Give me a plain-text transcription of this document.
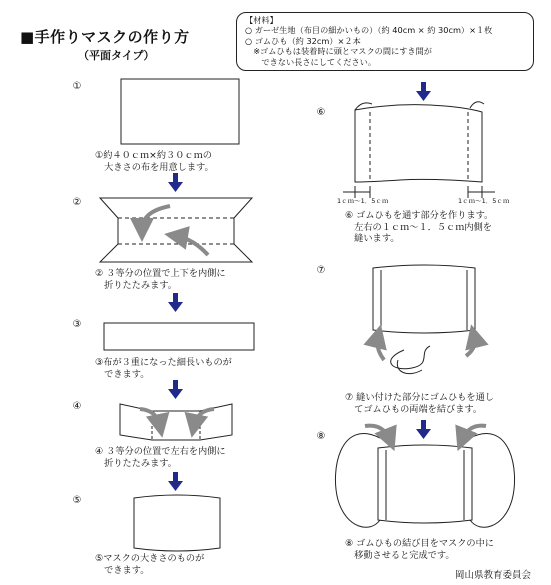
■手作りマスクの作り方
（平面タイプ）
【材料】
○ ガーゼ生地（布目の細かいもの）（約 40cm × 約 30cm）×１枚
○ ゴムひも（約 32cm）×２本
　※ゴムひもは装着時に頭とマスクの間にすき間が
　　できない長さにしてください。
①
②
③
④
⑤
⑥
⑦
⑧
①約４０ｃｍ×約３０ｃｍの
　大きさの布を用意します。
② ３等分の位置で上下を内側に
　折りたたみます。
③布が３重になった細長いものが
　できます。
④ ３等分の位置で左右を内側に
　折りたたみます。
⑤マスクの大きさのものが
　できます。
⑥ ゴムひもを通す部分を作ります。
　左右の１ｃｍ〜１．５ｃｍ内側を
　縫います。
⑦ 縫い付けた部分にゴムひもを通し
　てゴムひもの両端を結びます。
⑧ ゴムひもの結び目をマスクの中に
　移動させると完成です。
1ｃｍ〜1．5ｃｍ	1ｃｍ〜1．5ｃｍ
岡山県教育委員会
